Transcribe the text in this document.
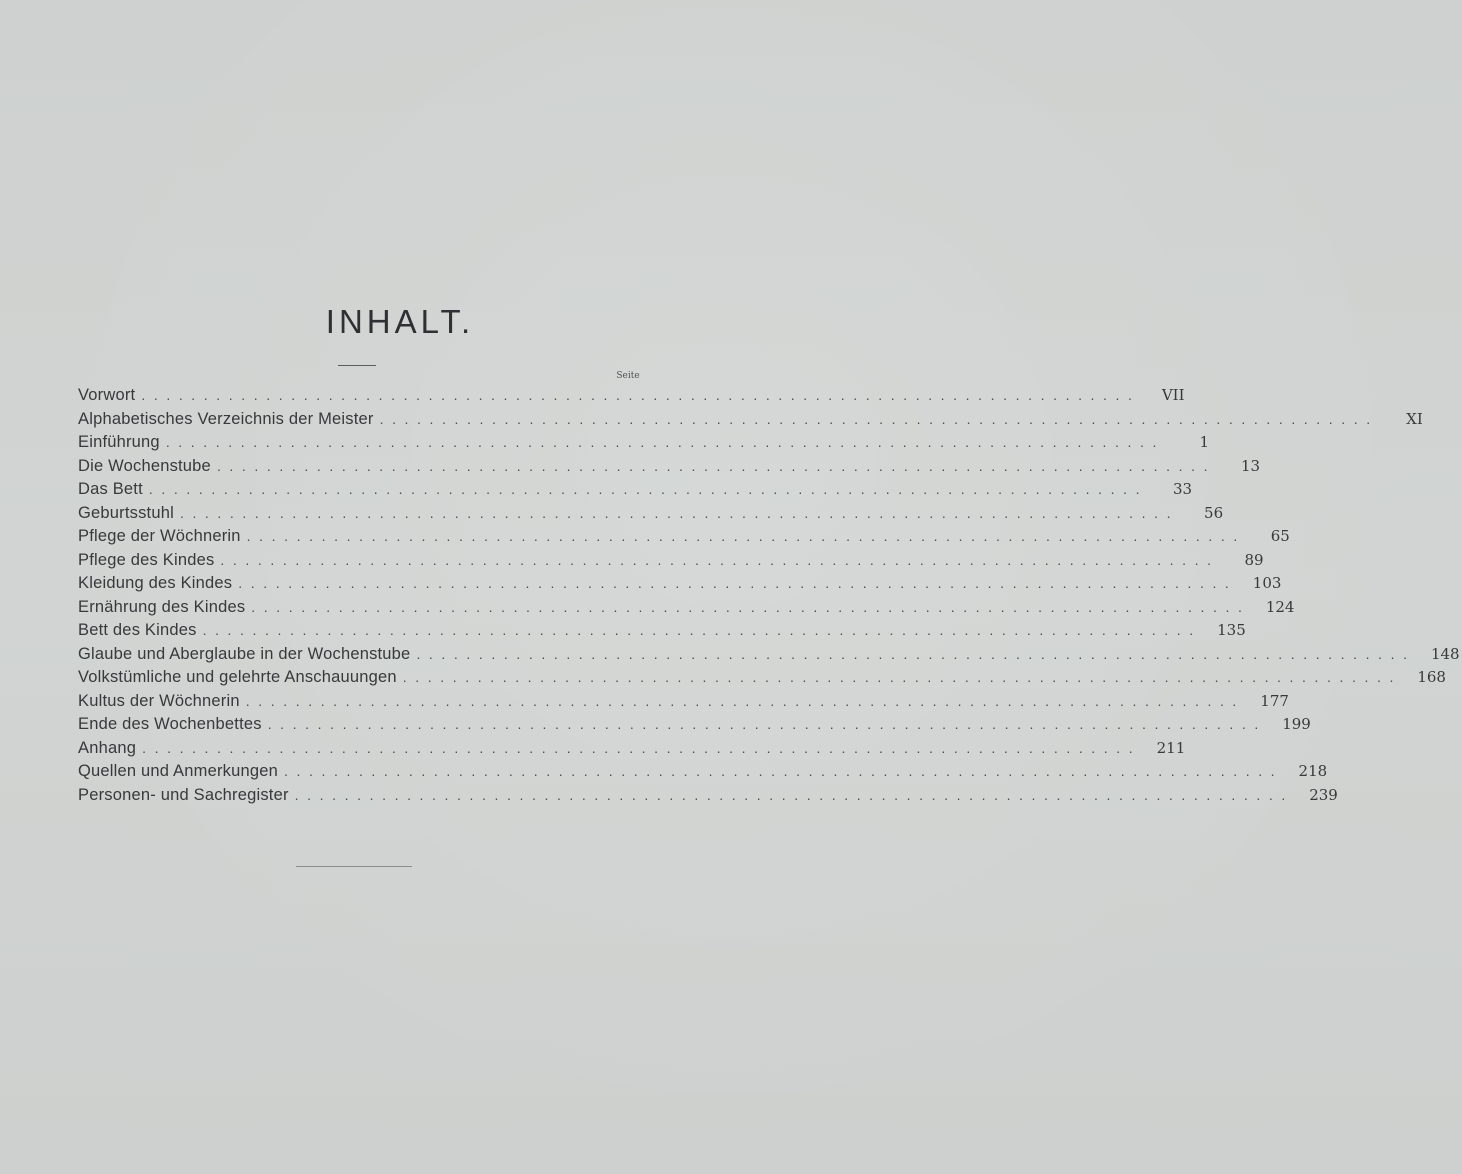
INHALT.
Seite
Vorwort ................................................................................	VII
Alphabetisches Verzeichnis der Meister ................................................................................	XI
Einführung ................................................................................	1
Die Wochenstube ................................................................................	13
Das Bett ................................................................................	33
Geburtsstuhl ................................................................................	56
Pflege der Wöchnerin ................................................................................	65
Pflege des Kindes ................................................................................	89
Kleidung des Kindes ................................................................................	103
Ernährung des Kindes ................................................................................	124
Bett des Kindes ................................................................................	135
Glaube und Aberglaube in der Wochenstube ................................................................................	148
Volkstümliche und gelehrte Anschauungen ................................................................................	168
Kultus der Wöchnerin ................................................................................	177
Ende des Wochenbettes ................................................................................	199
Anhang ................................................................................	211
Quellen und Anmerkungen ................................................................................	218
Personen- und Sachregister ................................................................................	239
